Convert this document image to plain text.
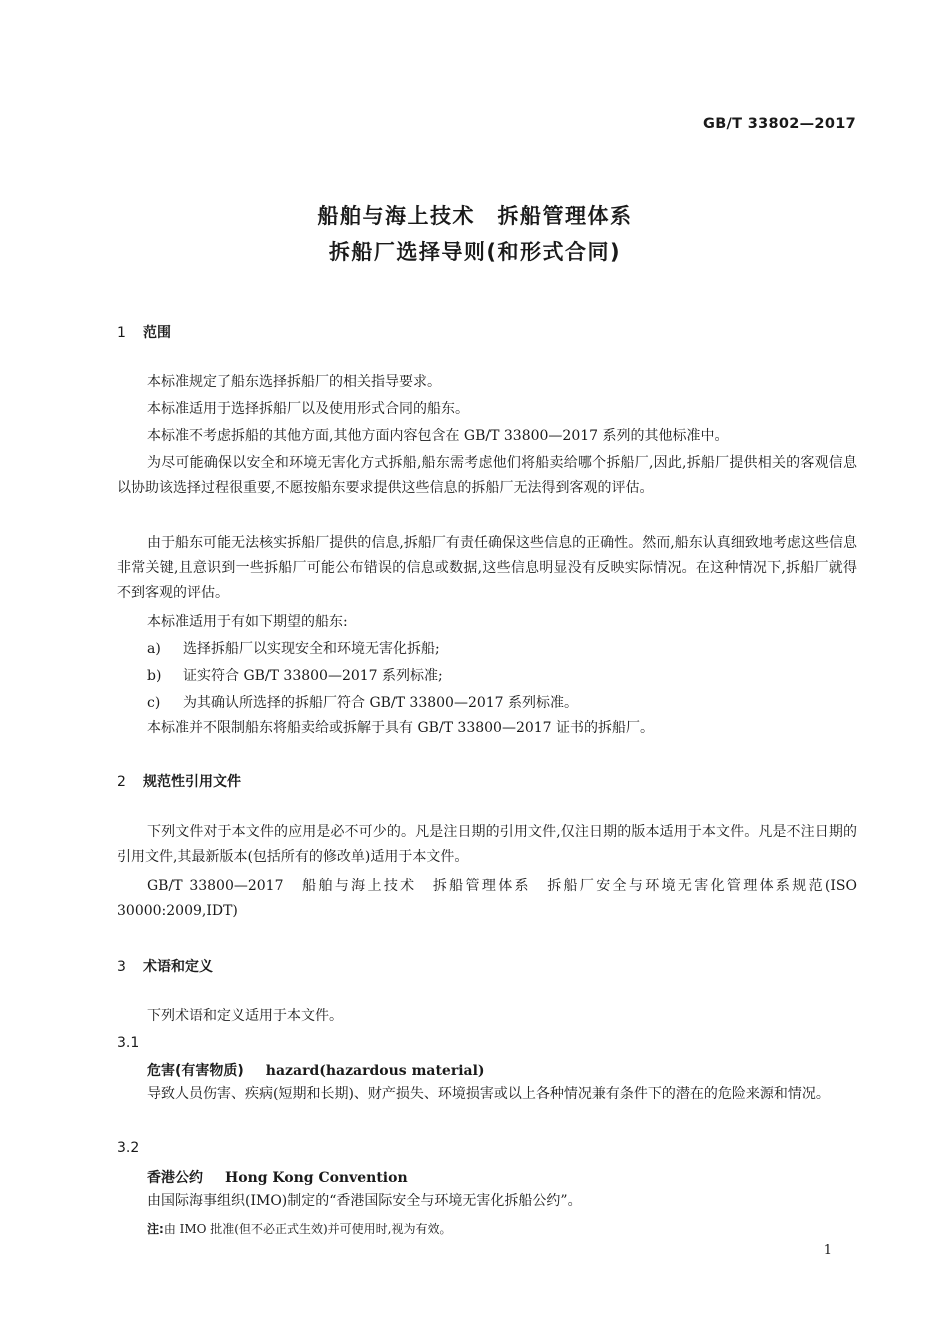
GB/T 33802—2017
船舶与海上技术　拆船管理体系
拆船厂选择导则(和形式合同)
1 范围
本标准规定了船东选择拆船厂的相关指导要求。
本标准适用于选择拆船厂以及使用形式合同的船东。
本标准不考虑拆船的其他方面,其他方面内容包含在 GB/T 33800—2017 系列的其他标准中。
为尽可能确保以安全和环境无害化方式拆船,船东需考虑他们将船卖给哪个拆船厂,因此,拆船厂提供相关的客观信息以协助该选择过程很重要,不愿按船东要求提供这些信息的拆船厂无法得到客观的评估。
由于船东可能无法核实拆船厂提供的信息,拆船厂有责任确保这些信息的正确性。然而,船东认真细致地考虑这些信息非常关键,且意识到一些拆船厂可能公布错误的信息或数据,这些信息明显没有反映实际情况。在这种情况下,拆船厂就得不到客观的评估。
本标准适用于有如下期望的船东:
a) 选择拆船厂以实现安全和环境无害化拆船;
b) 证实符合 GB/T 33800—2017 系列标准;
c) 为其确认所选择的拆船厂符合 GB/T 33800—2017 系列标准。
本标准并不限制船东将船卖给或拆解于具有 GB/T 33800—2017 证书的拆船厂。
2 规范性引用文件
下列文件对于本文件的应用是必不可少的。凡是注日期的引用文件,仅注日期的版本适用于本文件。凡是不注日期的引用文件,其最新版本(包括所有的修改单)适用于本文件。
GB/T 33800—2017　船舶与海上技术　拆船管理体系　拆船厂安全与环境无害化管理体系规范(ISO 30000:2009,IDT)
3 术语和定义
下列术语和定义适用于本文件。
3.1
危害(有害物质) hazard(hazardous material)
导致人员伤害、疾病(短期和长期)、财产损失、环境损害或以上各种情况兼有条件下的潜在的危险来源和情况。
3.2
香港公约 Hong Kong Convention
由国际海事组织(IMO)制定的“香港国际安全与环境无害化拆船公约”。
注:由 IMO 批准(但不必正式生效)并可使用时,视为有效。
1
